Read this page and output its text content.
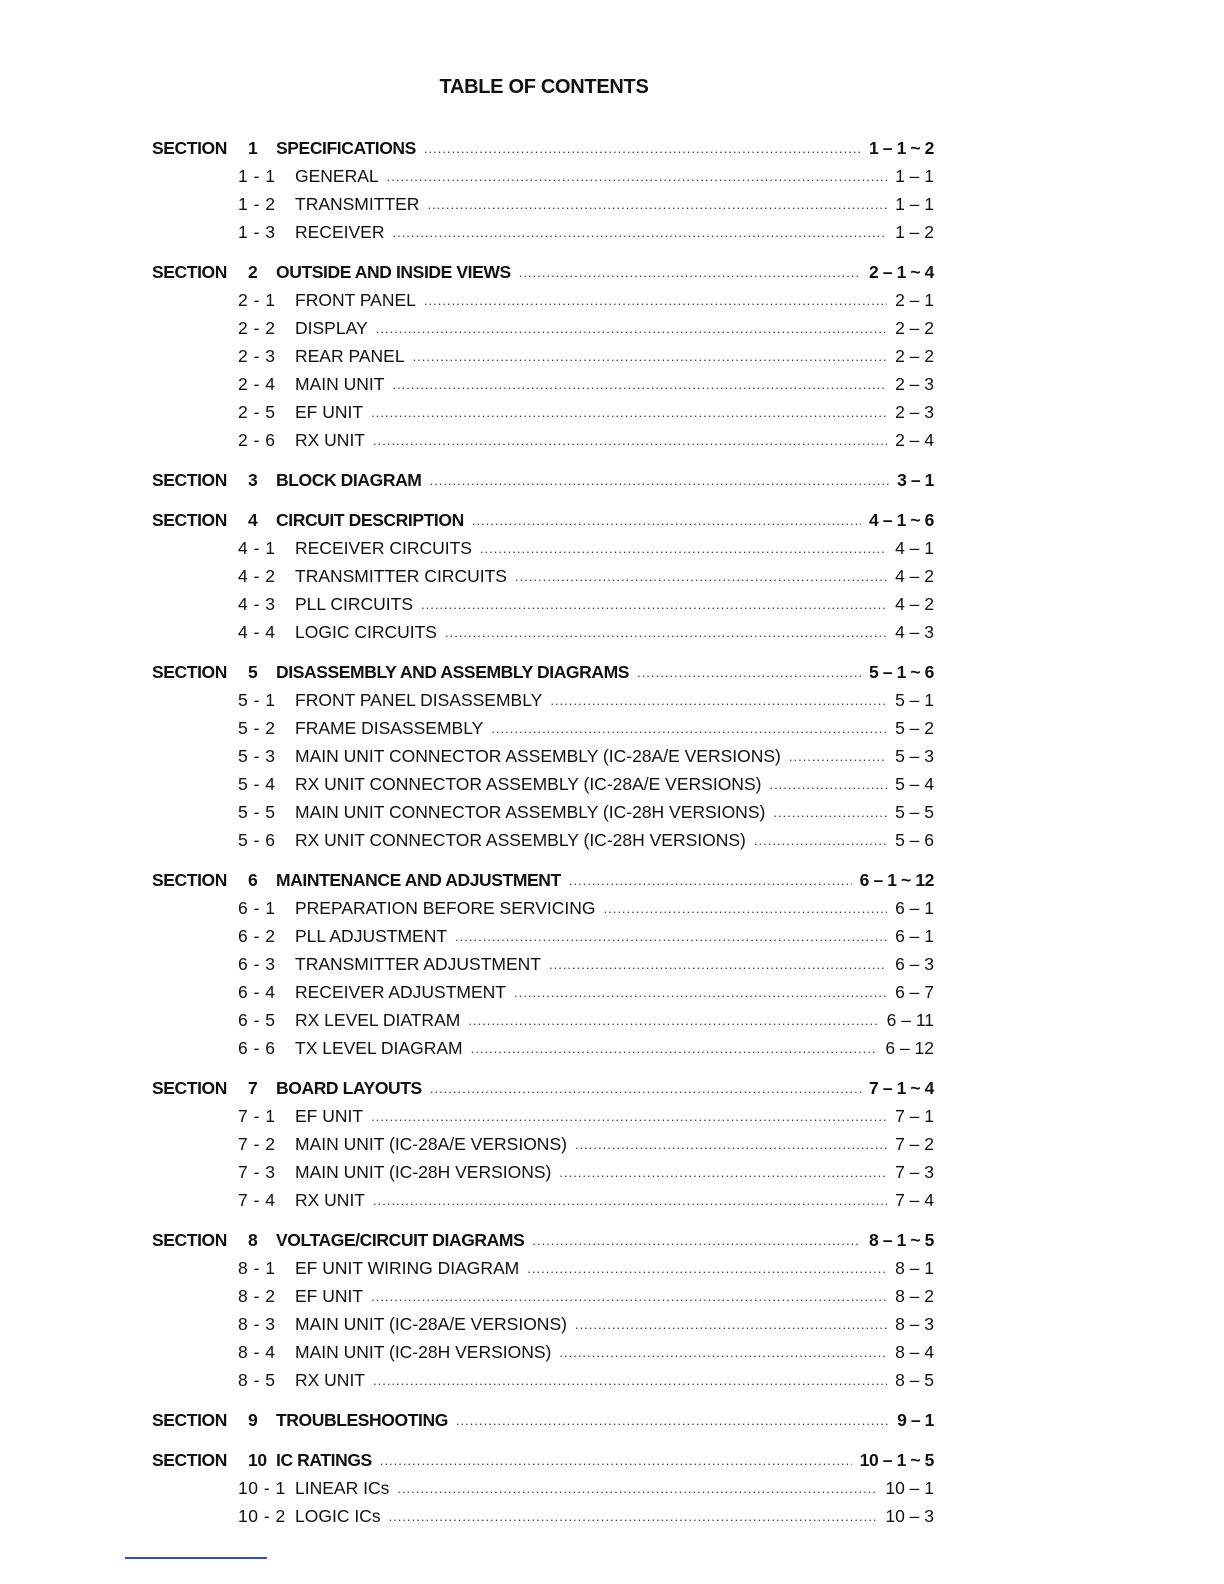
TABLE OF CONTENTS
SECTION	1	SPECIFICATIONS .....	1 – 1 ~ 2
1 - 1	GENERAL .....	1 – 1
1 - 2	TRANSMITTER .....	1 – 1
1 - 3	RECEIVER .....	1 – 2
SECTION	2	OUTSIDE AND INSIDE VIEWS .....	2 – 1 ~ 4
2 - 1	FRONT PANEL .....	2 – 1
2 - 2	DISPLAY .....	2 – 2
2 - 3	REAR PANEL .....	2 – 2
2 - 4	MAIN UNIT .....	2 – 3
2 - 5	EF UNIT .....	2 – 3
2 - 6	RX UNIT .....	2 – 4
SECTION	3	BLOCK DIAGRAM .....	3 – 1
SECTION	4	CIRCUIT DESCRIPTION .....	4 – 1 ~ 6
4 - 1	RECEIVER CIRCUITS .....	4 – 1
4 - 2	TRANSMITTER CIRCUITS .....	4 – 2
4 - 3	PLL CIRCUITS .....	4 – 2
4 - 4	LOGIC CIRCUITS .....	4 – 3
SECTION	5	DISASSEMBLY AND ASSEMBLY DIAGRAMS .....	5 – 1 ~ 6
5 - 1	FRONT PANEL DISASSEMBLY .....	5 – 1
5 - 2	FRAME DISASSEMBLY .....	5 – 2
5 - 3	MAIN UNIT CONNECTOR ASSEMBLY (IC-28A/E VERSIONS) .....	5 – 3
5 - 4	RX UNIT CONNECTOR ASSEMBLY (IC-28A/E VERSIONS) .....	5 – 4
5 - 5	MAIN UNIT CONNECTOR ASSEMBLY (IC-28H VERSIONS) .....	5 – 5
5 - 6	RX UNIT CONNECTOR ASSEMBLY (IC-28H VERSIONS) .....	5 – 6
SECTION	6	MAINTENANCE AND ADJUSTMENT .....	6 – 1 ~ 12
6 - 1	PREPARATION BEFORE SERVICING .....	6 – 1
6 - 2	PLL ADJUSTMENT .....	6 – 1
6 - 3	TRANSMITTER ADJUSTMENT .....	6 – 3
6 - 4	RECEIVER ADJUSTMENT .....	6 – 7
6 - 5	RX LEVEL DIATRAM .....	6 – 11
6 - 6	TX LEVEL DIAGRAM .....	6 – 12
SECTION	7	BOARD LAYOUTS .....	7 – 1 ~ 4
7 - 1	EF UNIT .....	7 – 1
7 - 2	MAIN UNIT (IC-28A/E VERSIONS) .....	7 – 2
7 - 3	MAIN UNIT (IC-28H VERSIONS) .....	7 – 3
7 - 4	RX UNIT .....	7 – 4
SECTION	8	VOLTAGE/CIRCUIT DIAGRAMS .....	8 – 1 ~ 5
8 - 1	EF UNIT WIRING DIAGRAM .....	8 – 1
8 - 2	EF UNIT .....	8 – 2
8 - 3	MAIN UNIT (IC-28A/E VERSIONS) .....	8 – 3
8 - 4	MAIN UNIT (IC-28H VERSIONS) .....	8 – 4
8 - 5	RX UNIT .....	8 – 5
SECTION	9	TROUBLESHOOTING .....	9 – 1
SECTION	10 IC RATINGS .....	10 – 1 ~ 5
10 - 1 LINEAR ICs .....	10 – 1
10 - 2 LOGIC ICs .....	10 – 3
